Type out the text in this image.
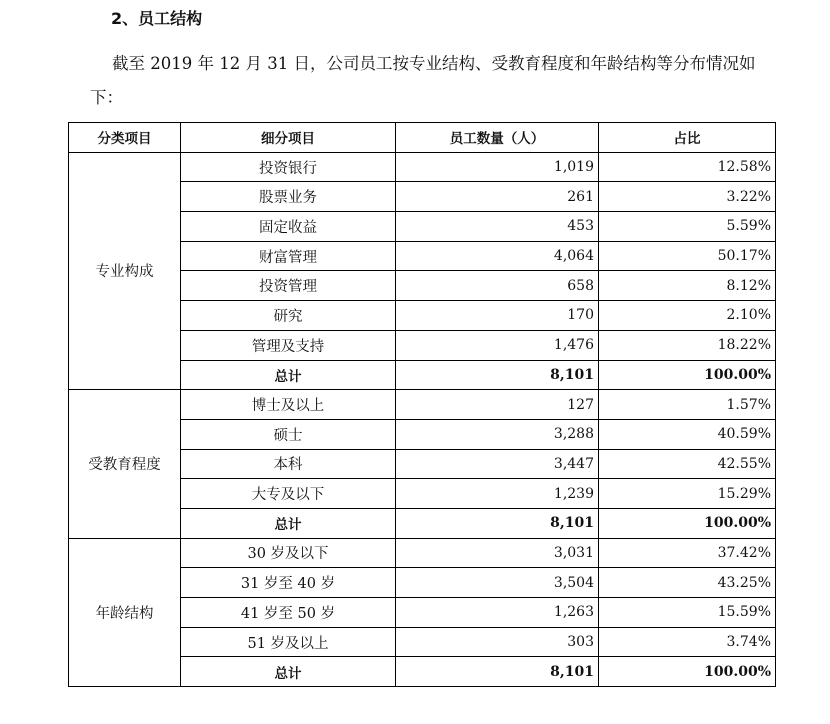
2、员工结构
截至 2019 年 12 月 31 日，公司员工按专业结构、受教育程度和年龄结构等分布情况如下：
分类项目	细分项目	员工数量（人）	占比
专业构成	投资银行	1,019	12.58%
	股票业务	261	3.22%
	固定收益	453	5.59%
	财富管理	4,064	50.17%
	投资管理	658	8.12%
	研究	170	2.10%
	管理及支持	1,476	18.22%
	总计	8,101	100.00%
受教育程度	博士及以上	127	1.57%
	硕士	3,288	40.59%
	本科	3,447	42.55%
	大专及以下	1,239	15.29%
	总计	8,101	100.00%
年龄结构	30 岁及以下	3,031	37.42%
	31 岁至 40 岁	3,504	43.25%
	41 岁至 50 岁	1,263	15.59%
	51 岁及以上	303	3.74%
	总计	8,101	100.00%
